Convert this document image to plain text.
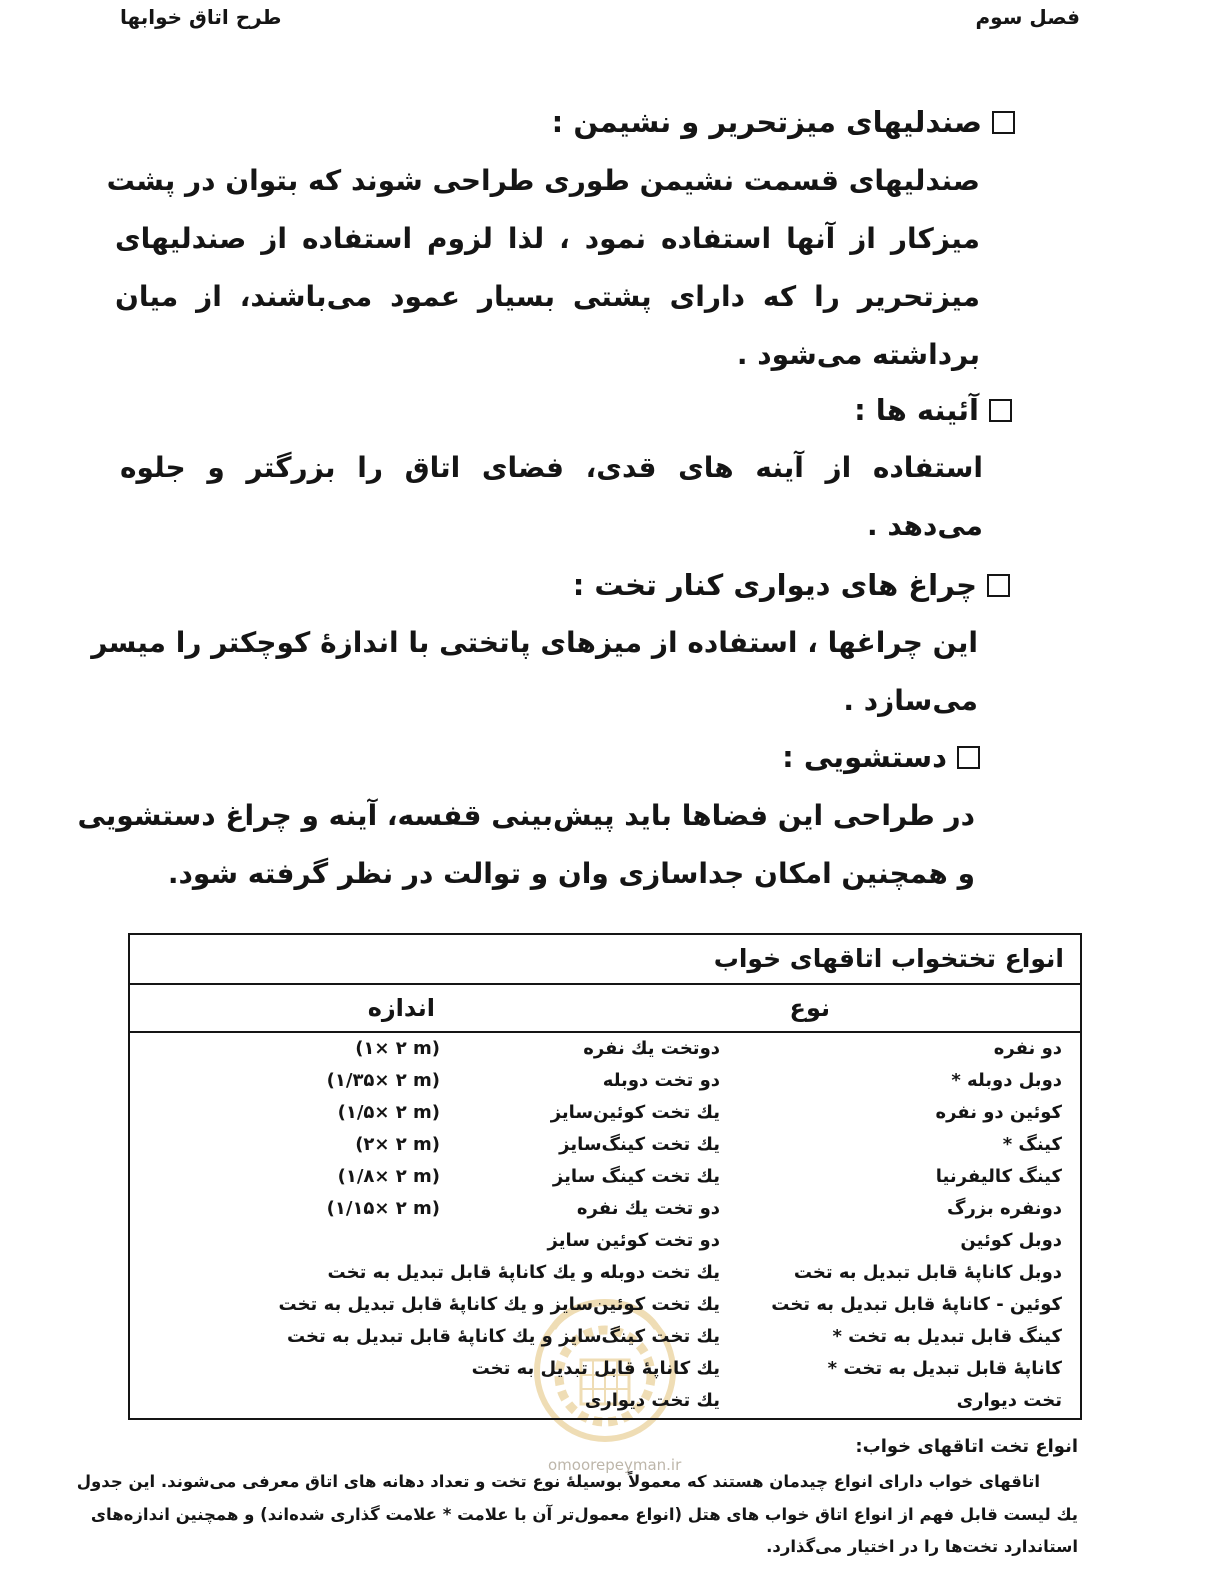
فصل سوم
طرح اتاق خوابها
صندلیهای میزتحریر و نشیمن :
صندلیهای قسمت نشیمن طوری طراحی شوند که بتوان در پشت
میزکار از آنها استفاده نمود ، لذا لزوم استفاده از صندلیهای
میزتحریر را که دارای پشتی بسیار عمود می‌باشند، از میان
برداشته می‌شود .
آئینه ها :
استفاده از آینه های قدی، فضای اتاق را بزرگتر و جلوه
می‌دهد .
چراغ های دیواری کنار تخت :
این چراغها ، استفاده از میزهای پاتختی با اندازهٔ کوچکتر را میسر
می‌سازد .
دستشویی :
در طراحی این فضاها باید پیش‌بینی قفسه، آینه و چراغ دستشویی
و همچنین امکان جداسازی وان و توالت در نظر گرفته شود.
انواع تختخواب اتاقهای خواب
نوع
اندازه
دو نفره
دوتخت یك نفره
(۱× ۲ m)
دوبل دوبله *
دو تخت دوبله
(۱/۳۵× ۲ m)
کوئین دو نفره
یك تخت کوئین‌سایز
(۱/۵× ۲ m)
کینگ *
یك تخت کینگ‌سایز
(۲× ۲ m)
کینگ کالیفرنیا
یك تخت کینگ سایز
(۱/۸× ۲ m)
دونفره بزرگ
دو تخت یك نفره
(۱/۱۵× ۲ m)
دوبل کوئین
دو تخت کوئین سایز
دوبل کاناپهٔ قابل تبدیل به تخت
یك تخت دوبله و یك کاناپهٔ قابل تبدیل به تخت
کوئین - کاناپهٔ قابل تبدیل به تخت
یك تخت کوئین‌سایز و یك کاناپهٔ قابل تبدیل به تخت
کینگ قابل تبدیل به تخت *
یك تخت کینگ‌سایز و یك کاناپهٔ قابل تبدیل به تخت
کاناپهٔ قابل تبدیل به تخت *
یك کاناپهٔ قابل تبدیل به تخت
تخت دیواری
یك تخت دیواری
انواع تخت اتاقهای خواب:
omoorepeyman.ir
اتاقهای خواب دارای انواع چیدمان هستند که معمولاً بوسیلهٔ نوع تخت و تعداد دهانه های اتاق معرفی می‌شوند. این جدول
یك لیست قابل فهم از انواع اتاق خواب های هتل (انواع معمول‌تر آن با علامت * علامت گذاری شده‌اند) و همچنین اندازه‌های
استاندارد تخت‌ها را در اختیار می‌گذارد.
